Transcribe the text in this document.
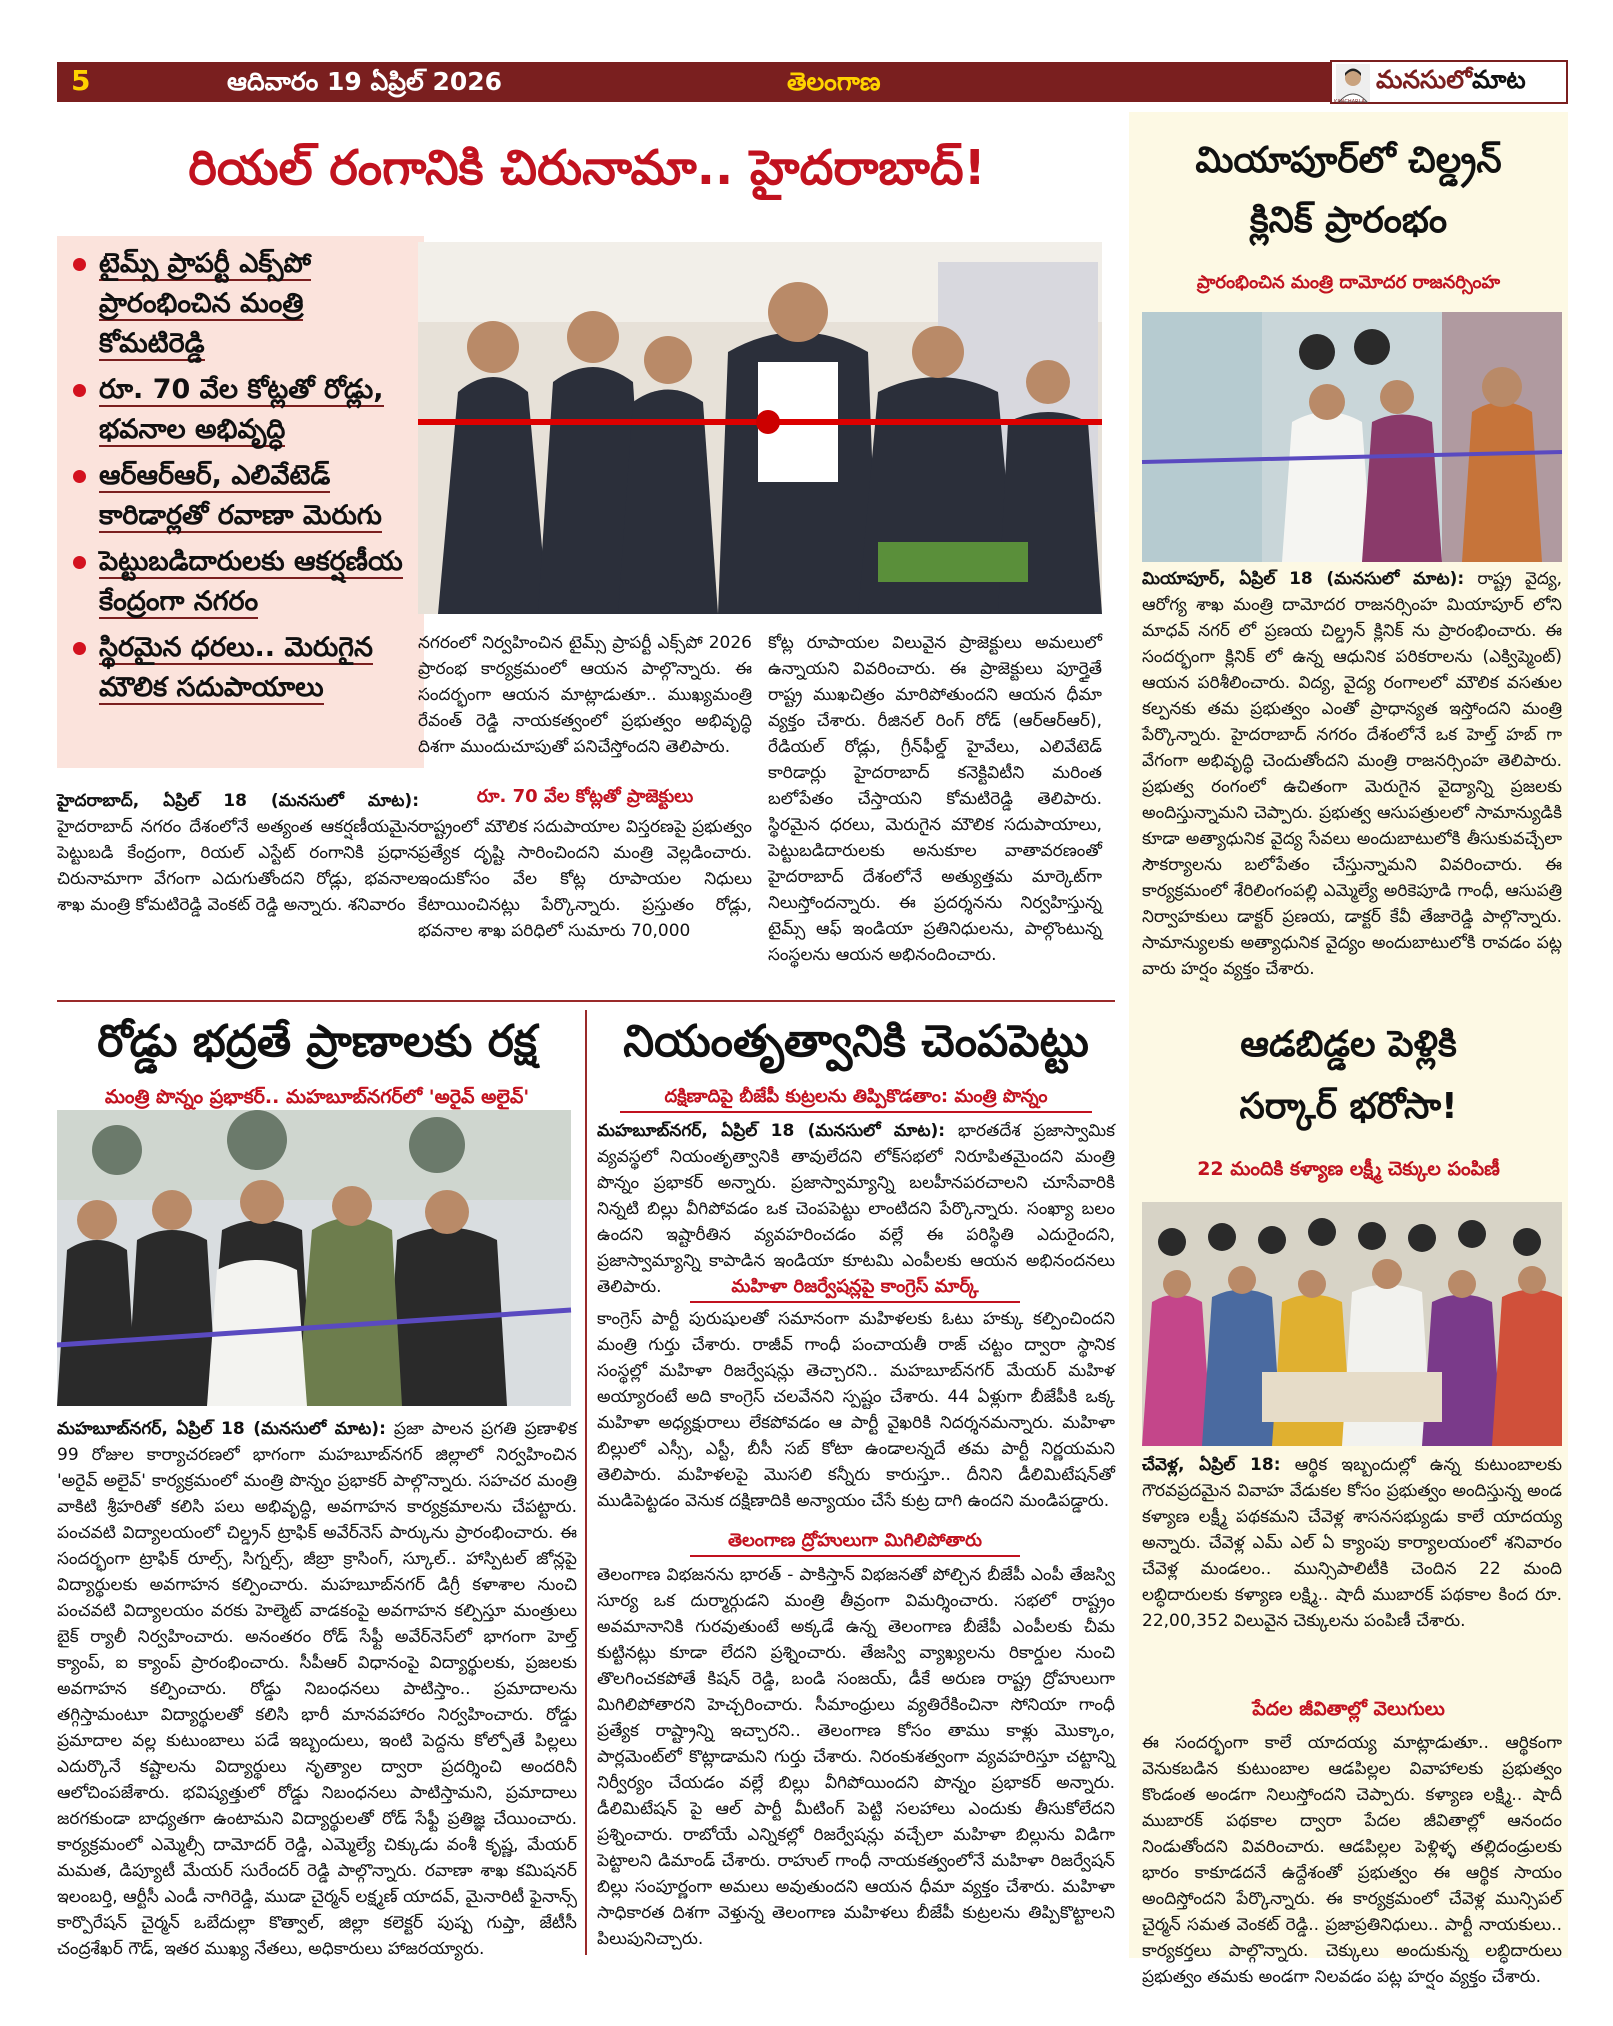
5	ఆదివారం 19 ఏప్రిల్ 2026	తెలంగాణ	మనసులోమాట
KANCHARLA
రియల్ రంగానికి చిరునామా.. హైదరాబాద్!
టైమ్స్ ప్రాపర్టీ ఎక్స్‌పో ప్రారంభించిన మంత్రి కోమటిరెడ్డి
రూ. 70 వేల కోట్లతో రోడ్లు, భవనాల అభివృద్ధి
ఆర్ఆర్ఆర్, ఎలివేటెడ్ కారిడార్లతో రవాణా మెరుగు
పెట్టుబడిదారులకు ఆకర్షణీయ కేంద్రంగా నగరం
స్థిరమైన ధరలు.. మెరుగైన మౌలిక సదుపాయాలు
హైదరాబాద్, ఏప్రిల్ 18 (మనసులో మాట): హైదరాబాద్ నగరం దేశంలోనే అత్యంత ఆకర్షణీయమైన పెట్టుబడి కేంద్రంగా, రియల్ ఎస్టేట్ రంగానికి ప్రధాన చిరునామాగా వేగంగా ఎదుగుతోందని రోడ్లు, భవనాల శాఖ మంత్రి కోమటిరెడ్డి వెంకట్ రెడ్డి అన్నారు. శనివారం
నగరంలో నిర్వహించిన టైమ్స్ ప్రాపర్టీ ఎక్స్‌పో 2026 ప్రారంభ కార్యక్రమంలో ఆయన పాల్గొన్నారు. ఈ సందర్భంగా ఆయన మాట్లాడుతూ.. ముఖ్యమంత్రి రేవంత్ రెడ్డి నాయకత్వంలో ప్రభుత్వం అభివృద్ధి దిశగా ముందుచూపుతో పనిచేస్తోందని తెలిపారు.
రూ. 70 వేల కోట్లతో ప్రాజెక్టులు
రాష్ట్రంలో మౌలిక సదుపాయాల విస్తరణపై ప్రభుత్వం ప్రత్యేక దృష్టి సారించిందని మంత్రి వెల్లడించారు. ఇందుకోసం వేల కోట్ల రూపాయల నిధులు కేటాయించినట్లు పేర్కొన్నారు. ప్రస్తుతం రోడ్లు, భవనాల శాఖ పరిధిలో సుమారు 70,000
కోట్ల రూపాయల విలువైన ప్రాజెక్టులు అమలులో ఉన్నాయని వివరించారు. ఈ ప్రాజెక్టులు పూర్తైతే రాష్ట్ర ముఖచిత్రం మారిపోతుందని ఆయన ధీమా వ్యక్తం చేశారు. రీజినల్ రింగ్ రోడ్ (ఆర్ఆర్ఆర్), రేడియల్ రోడ్లు, గ్రీన్‌ఫీల్డ్ హైవేలు, ఎలివేటెడ్ కారిడార్లు హైదరాబాద్ కనెక్టివిటీని మరింత బలోపేతం చేస్తాయని కోమటిరెడ్డి తెలిపారు. స్థిరమైన ధరలు, మెరుగైన మౌలిక సదుపాయాలు, పెట్టుబడిదారులకు అనుకూల వాతావరణంతో హైదరాబాద్ దేశంలోనే అత్యుత్తమ మార్కెట్‌గా నిలుస్తోందన్నారు. ఈ ప్రదర్శనను నిర్వహిస్తున్న టైమ్స్ ఆఫ్ ఇండియా ప్రతినిధులను, పాల్గొంటున్న సంస్థలను ఆయన అభినందించారు.
రోడ్డు భద్రతే ప్రాణాలకు రక్ష
మంత్రి పొన్నం ప్రభాకర్.. మహబూబ్‌నగర్‌లో 'అరైవ్ అలైవ్'
మహబూబ్‌నగర్, ఏప్రిల్ 18 (మనసులో మాట): ప్రజా పాలన ప్రగతి ప్రణాళిక 99 రోజుల కార్యాచరణలో భాగంగా మహబూబ్‌నగర్ జిల్లాలో నిర్వహించిన 'అరైవ్ అలైవ్' కార్యక్రమంలో మంత్రి పొన్నం ప్రభాకర్ పాల్గొన్నారు. సహచర మంత్రి వాకిటి శ్రీహరితో కలిసి పలు అభివృద్ధి, అవగాహన కార్యక్రమాలను చేపట్టారు. పంచవటి విద్యాలయంలో చిల్డ్రన్ ట్రాఫిక్ అవేర్‌నెస్ పార్కును ప్రారంభించారు. ఈ సందర్భంగా ట్రాఫిక్ రూల్స్, సిగ్నల్స్, జీబ్రా క్రాసింగ్, స్కూల్.. హాస్పిటల్ జోన్లపై విద్యార్థులకు అవగాహన కల్పించారు. మహబూబ్‌నగర్ డిగ్రీ కళాశాల నుంచి పంచవటి విద్యాలయం వరకు హెల్మెట్ వాడకంపై అవగాహన కల్పిస్తూ మంత్రులు బైక్ ర్యాలీ నిర్వహించారు. అనంతరం రోడ్ సేఫ్టీ అవేర్‌నెస్‌లో భాగంగా హెల్త్ క్యాంప్, ఐ క్యాంప్ ప్రారంభించారు. సీపీఆర్ విధానంపై విద్యార్థులకు, ప్రజలకు అవగాహన కల్పించారు. రోడ్డు నిబంధనలు పాటిస్తాం.. ప్రమాదాలను తగ్గిస్తామంటూ విద్యార్థులతో కలిసి భారీ మానవహారం నిర్వహించారు. రోడ్డు ప్రమాదాల వల్ల కుటుంబాలు పడే ఇబ్బందులు, ఇంటి పెద్దను కోల్పోతే పిల్లలు ఎదుర్కొనే కష్టాలను విద్యార్థులు నృత్యాల ద్వారా ప్రదర్శించి అందరినీ ఆలోచింపజేశారు. భవిష్యత్తులో రోడ్డు నిబంధనలు పాటిస్తామని, ప్రమాదాలు జరగకుండా బాధ్యతగా ఉంటామని విద్యార్థులతో రోడ్ సేఫ్టీ ప్రతిజ్ఞ చేయించారు. కార్యక్రమంలో ఎమ్మెల్సీ దామోదర్ రెడ్డి, ఎమ్మెల్యే చిక్కుడు వంశీ కృష్ణ, మేయర్ మమత, డిప్యూటీ మేయర్ సురేందర్ రెడ్డి పాల్గొన్నారు. రవాణా శాఖ కమిషనర్ ఇలంబర్తి, ఆర్టీసీ ఎండీ నాగిరెడ్డి, ముడా చైర్మన్ లక్ష్మణ్ యాదవ్, మైనారిటీ ఫైనాన్స్ కార్పొరేషన్ చైర్మన్ ఒబేదుల్లా కొత్వాల్, జిల్లా కలెక్టర్ పుష్ప గుప్తా, జేటీసీ చంద్రశేఖర్ గౌడ్, ఇతర ముఖ్య నేతలు, అధికారులు హాజరయ్యారు.
నియంతృత్వానికి చెంపపెట్టు
దక్షిణాదిపై బీజేపీ కుట్రలను తిప్పికొడతాం: మంత్రి పొన్నం
మహబూబ్‌నగర్, ఏప్రిల్ 18 (మనసులో మాట): భారతదేశ ప్రజాస్వామిక వ్యవస్థలో నియంతృత్వానికి తావులేదని లోక్‌సభలో నిరూపితమైందని మంత్రి పొన్నం ప్రభాకర్ అన్నారు. ప్రజాస్వామ్యాన్ని బలహీనపరచాలని చూసేవారికి నిన్నటి బిల్లు వీగిపోవడం ఒక చెంపపెట్టు లాంటిదని పేర్కొన్నారు. సంఖ్యా బలం ఉందని ఇష్టారీతిన వ్యవహరించడం వల్లే ఈ పరిస్థితి ఎదురైందని, ప్రజాస్వామ్యాన్ని కాపాడిన ఇండియా కూటమి ఎంపీలకు ఆయన అభినందనలు తెలిపారు.	మహిళా రిజర్వేషన్లపై కాంగ్రెస్ మార్క్
కాంగ్రెస్ పార్టీ పురుషులతో సమానంగా మహిళలకు ఓటు హక్కు కల్పించిందని మంత్రి గుర్తు చేశారు. రాజీవ్ గాంధీ పంచాయతీ రాజ్ చట్టం ద్వారా స్థానిక సంస్థల్లో మహిళా రిజర్వేషన్లు తెచ్చారని.. మహబూబ్‌నగర్ మేయర్ మహిళ అయ్యారంటే అది కాంగ్రెస్ చలవేనని స్పష్టం చేశారు. 44 ఏళ్లుగా బీజేపీకి ఒక్క మహిళా అధ్యక్షురాలు లేకపోవడం ఆ పార్టీ వైఖరికి నిదర్శనమన్నారు. మహిళా బిల్లులో ఎస్సీ, ఎస్టీ, బీసీ సబ్ కోటా ఉండాలన్నదే తమ పార్టీ నిర్ణయమని తెలిపారు. మహిళలపై మొసలి కన్నీరు కారుస్తూ.. దీనిని డీలిమిటేషన్‌తో ముడిపెట్టడం వెనుక దక్షిణాదికి అన్యాయం చేసే కుట్ర దాగి ఉందని మండిపడ్డారు.
తెలంగాణ ద్రోహులుగా మిగిలిపోతారు
తెలంగాణ విభజనను భారత్ - పాకిస్తాన్ విభజనతో పోల్చిన బీజేపీ ఎంపీ తేజస్వి సూర్య ఒక దుర్మార్గుడని మంత్రి తీవ్రంగా విమర్శించారు. సభలో రాష్ట్రం అవమానానికి గురవుతుంటే అక్కడే ఉన్న తెలంగాణ బీజేపీ ఎంపీలకు చీమ కుట్టినట్లు కూడా లేదని ప్రశ్నించారు. తేజస్వి వ్యాఖ్యలను రికార్డుల నుంచి తొలగించకపోతే కిషన్ రెడ్డి, బండి సంజయ్, డీకే అరుణ రాష్ట్ర ద్రోహులుగా మిగిలిపోతారని హెచ్చరించారు. సీమాంధ్రులు వ్యతిరేకించినా సోనియా గాంధీ ప్రత్యేక రాష్ట్రాన్ని ఇచ్చారని.. తెలంగాణ కోసం తాము కాళ్లు మొక్కాం, పార్లమెంట్‌లో కొట్లాడామని గుర్తు చేశారు. నిరంకుశత్వంగా వ్యవహరిస్తూ చట్టాన్ని నిర్వీర్యం చేయడం వల్లే బిల్లు వీగిపోయిందని పొన్నం ప్రభాకర్ అన్నారు. డీలిమిటేషన్ పై ఆల్ పార్టీ మీటింగ్ పెట్టి సలహాలు ఎందుకు తీసుకోలేదని ప్రశ్నించారు. రాబోయే ఎన్నికల్లో రిజర్వేషన్లు వచ్చేలా మహిళా బిల్లును విడిగా పెట్టాలని డిమాండ్ చేశారు. రాహుల్ గాంధీ నాయకత్వంలోనే మహిళా రిజర్వేషన్ బిల్లు సంపూర్ణంగా అమలు అవుతుందని ఆయన ధీమా వ్యక్తం చేశారు. మహిళా సాధికారత దిశగా వెళ్తున్న తెలంగాణ మహిళలు బీజేపీ కుట్రలను తిప్పికొట్టాలని పిలుపునిచ్చారు.
మియాపూర్‌లో చిల్డ్రన్
క్లినిక్ ప్రారంభం
ప్రారంభించిన మంత్రి దామోదర రాజనర్సింహ
మియాపూర్, ఏప్రిల్ 18 (మనసులో మాట): రాష్ట్ర వైద్య, ఆరోగ్య శాఖ మంత్రి దామోదర రాజనర్సింహ మియాపూర్ లోని మాధవ్ నగర్ లో ప్రణయ చిల్డ్రన్ క్లినిక్ ను ప్రారంభించారు. ఈ సందర్భంగా క్లినిక్ లో ఉన్న ఆధునిక పరికరాలను (ఎక్విప్మెంట్) ఆయన పరిశీలించారు. విద్య, వైద్య రంగాలలో మౌలిక వసతుల కల్పనకు తమ ప్రభుత్వం ఎంతో ప్రాధాన్యత ఇస్తోందని మంత్రి పేర్కొన్నారు. హైదరాబాద్ నగరం దేశంలోనే ఒక హెల్త్ హబ్ గా వేగంగా అభివృద్ధి చెందుతోందని మంత్రి రాజనర్సింహ తెలిపారు. ప్రభుత్వ రంగంలో ఉచితంగా మెరుగైన వైద్యాన్ని ప్రజలకు అందిస్తున్నామని చెప్పారు. ప్రభుత్వ ఆసుపత్రులలో సామాన్యుడికి కూడా అత్యాధునిక వైద్య సేవలు అందుబాటులోకి తీసుకువచ్చేలా సౌకర్యాలను బలోపేతం చేస్తున్నామని వివరించారు. ఈ కార్యక్రమంలో శేరిలింగంపల్లి ఎమ్మెల్యే అరికెపూడి గాంధీ, ఆసుపత్రి నిర్వాహకులు డాక్టర్ ప్రణయ, డాక్టర్ కేవీ తేజారెడ్డి పాల్గొన్నారు. సామాన్యులకు అత్యాధునిక వైద్యం అందుబాటులోకి రావడం పట్ల వారు హర్షం వ్యక్తం చేశారు.
ఆడబిడ్డల పెళ్లికి
సర్కార్ భరోసా!
22 మందికి కళ్యాణ లక్ష్మీ చెక్కుల పంపిణీ
చేవెళ్ల, ఏప్రిల్ 18: ఆర్థిక ఇబ్బందుల్లో ఉన్న కుటుంబాలకు గౌరవప్రదమైన వివాహ వేడుకల కోసం ప్రభుత్వం అందిస్తున్న అండ కళ్యాణ లక్ష్మీ పథకమని చేవెళ్ల శాసనసభ్యుడు కాలే యాదయ్య అన్నారు. చేవెళ్ల ఎమ్ ఎల్ ఏ క్యాంపు కార్యాలయంలో శనివారం చేవెళ్ల మండలం.. మున్సిపాలిటీకి చెందిన 22 మంది లబ్ధిదారులకు కళ్యాణ లక్ష్మి.. షాదీ ముబారక్ పథకాల కింద రూ. 22,00,352 విలువైన చెక్కులను పంపిణీ చేశారు.
పేదల జీవితాల్లో వెలుగులు
ఈ సందర్భంగా కాలే యాదయ్య మాట్లాడుతూ.. ఆర్థికంగా వెనుకబడిన కుటుంబాల ఆడపిల్లల వివాహాలకు ప్రభుత్వం కొండంత అండగా నిలుస్తోందని చెప్పారు. కళ్యాణ లక్ష్మి.. షాదీ ముబారక్ పథకాల ద్వారా పేదల జీవితాల్లో ఆనందం నిండుతోందని వివరించారు. ఆడపిల్లల పెళ్లిళ్ళ తల్లిదండ్రులకు భారం కాకూడదనే ఉద్దేశంతో ప్రభుత్వం ఈ ఆర్థిక సాయం అందిస్తోందని పేర్కొన్నారు. ఈ కార్యక్రమంలో చేవెళ్ల మున్సిపల్ చైర్మన్ సమత వెంకట్ రెడ్డి.. ప్రజాప్రతినిధులు.. పార్టీ నాయకులు.. కార్యకర్తలు పాల్గొన్నారు. చెక్కులు అందుకున్న లబ్ధిదారులు ప్రభుత్వం తమకు అండగా నిలవడం పట్ల హర్షం వ్యక్తం చేశారు.
